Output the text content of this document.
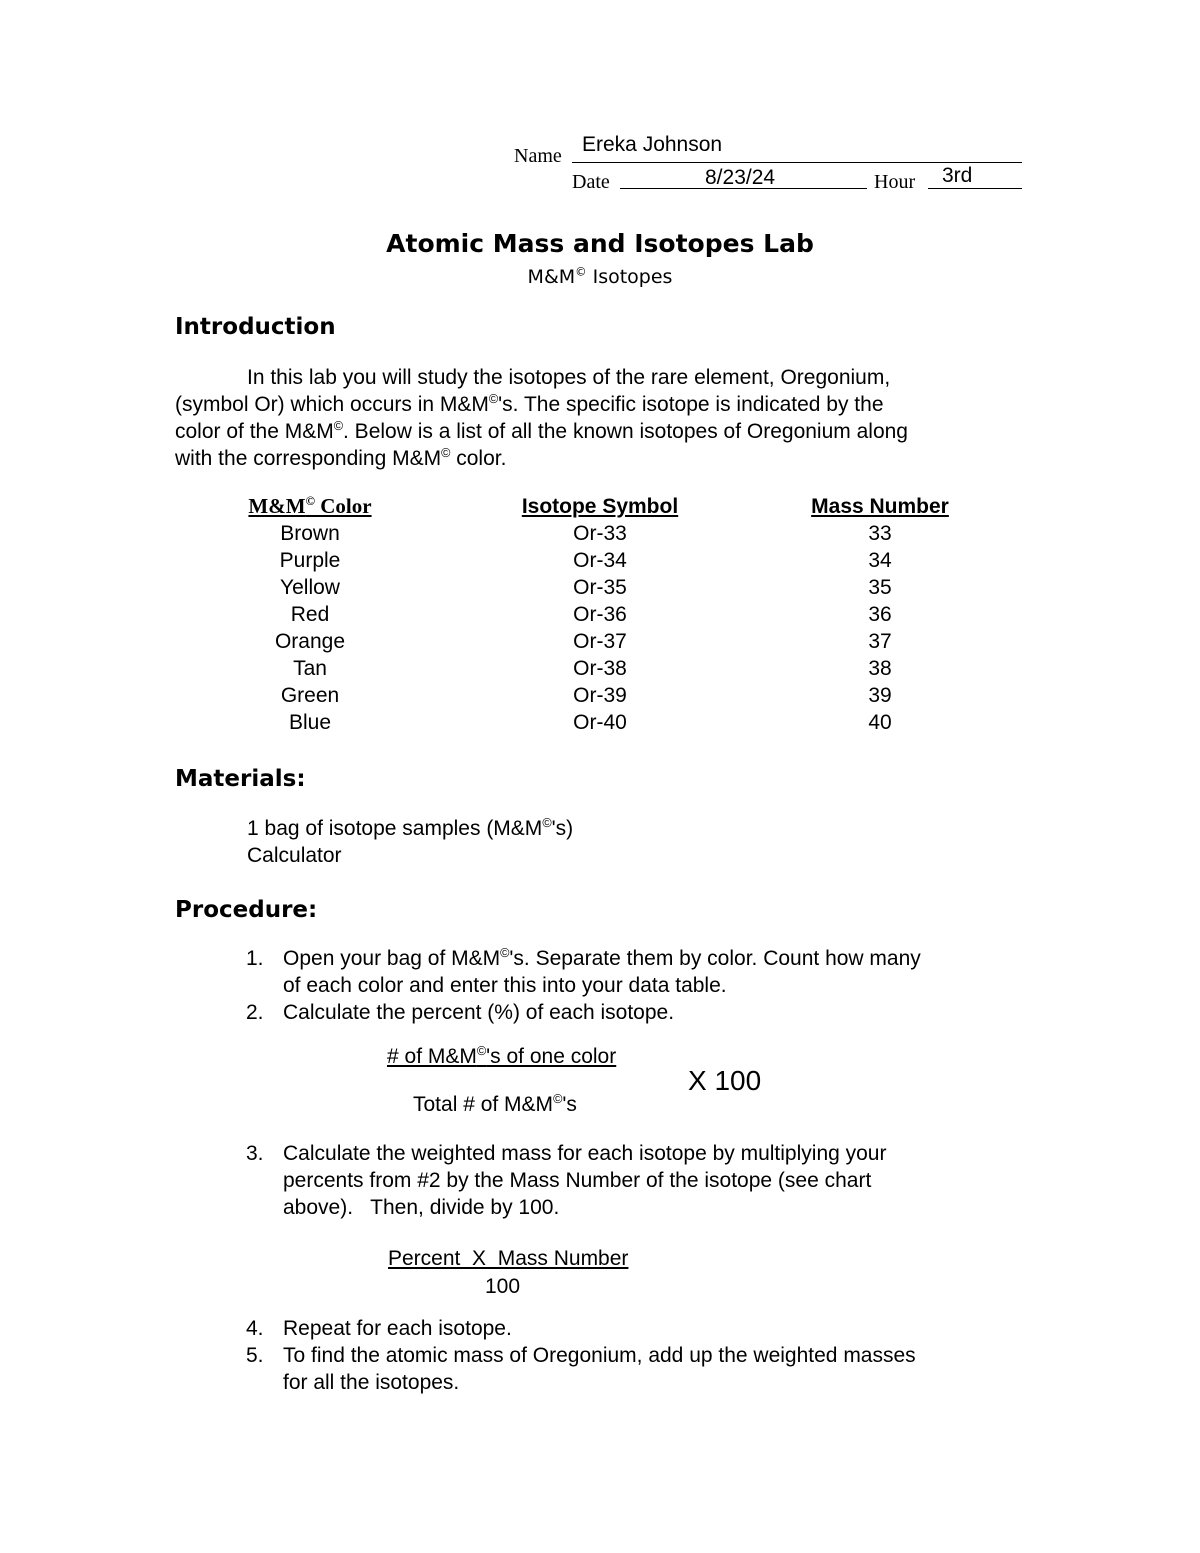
Name Ereka Johnson
Date	8/23/24	Hour 3rd
Atomic Mass and Isotopes Lab
M&M© Isotopes
Introduction
In this lab you will study the isotopes of the rare element, Oregonium,
(symbol Or) which occurs in M&M©'s. The specific isotope is indicated by the
color of the M&M©. Below is a list of all the known isotopes of Oregonium along
with the corresponding M&M© color.
M&M© Color	Isotope Symbol	Mass Number
Brown	Or-33	33
Purple	Or-34	34
Yellow	Or-35	35
Red	Or-36	36
Orange	Or-37	37
Tan	Or-38	38
Green	Or-39	39
Blue	Or-40	40
Materials:
1 bag of isotope samples (M&M©'s)
Calculator
Procedure:
1. Open your bag of M&M©'s. Separate them by color. Count how many
of each color and enter this into your data table.
2. Calculate the percent (%) of each isotope.
# of M&M©'s of one color
Total # of M&M©'s
X 100
3. Calculate the weighted mass for each isotope by multiplying your
percents from #2 by the Mass Number of the isotope (see chart
above).   Then, divide by 100.
Percent  X  Mass Number
100
4. Repeat for each isotope.
5. To find the atomic mass of Oregonium, add up the weighted masses
for all the isotopes.
